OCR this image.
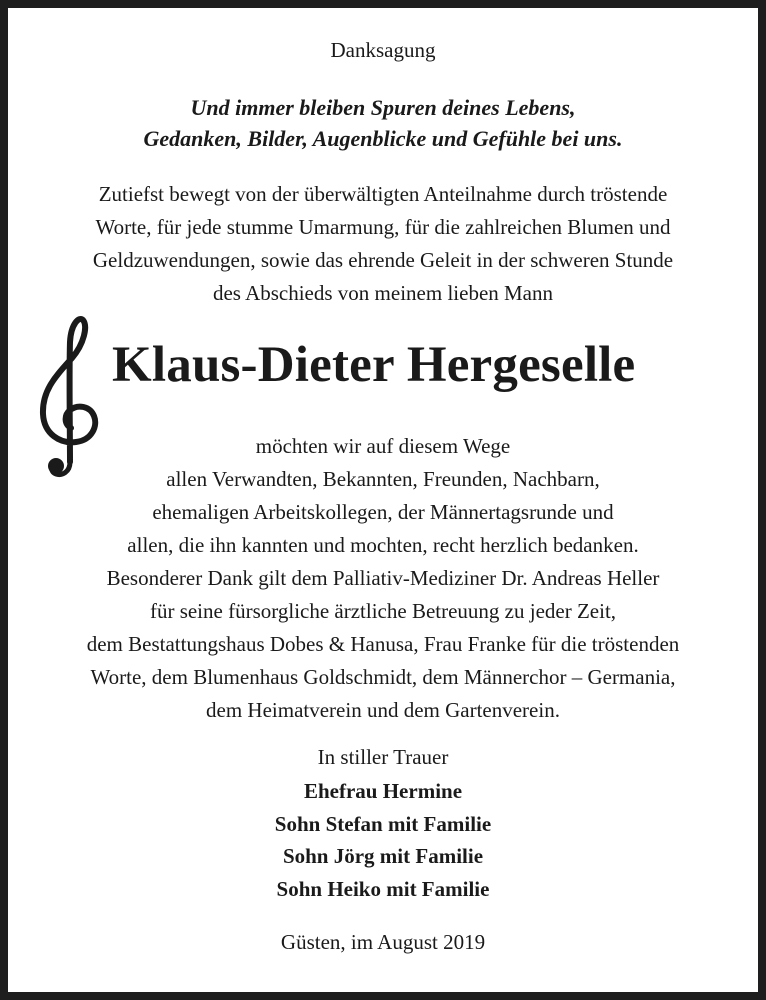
Danksagung
Und immer bleiben Spuren deines Lebens,
Gedanken, Bilder, Augenblicke und Gefühle bei uns.
Zutiefst bewegt von der überwältigten Anteilnahme durch tröstende
Worte, für jede stumme Umarmung, für die zahlreichen Blumen und
Geldzuwendungen, sowie das ehrende Geleit in der schweren Stunde
des Abschieds von meinem lieben Mann
Klaus-Dieter Hergeselle
möchten wir auf diesem Wege
allen Verwandten, Bekannten, Freunden, Nachbarn,
ehemaligen Arbeitskollegen, der Männertagsrunde und
allen, die ihn kannten und mochten, recht herzlich bedanken.
Besonderer Dank gilt dem Palliativ-Mediziner Dr. Andreas Heller
für seine fürsorgliche ärztliche Betreuung zu jeder Zeit,
dem Bestattungshaus Dobes & Hanusa, Frau Franke für die tröstenden
Worte, dem Blumenhaus Goldschmidt, dem Männerchor – Germania,
dem Heimatverein und dem Gartenverein.
In stiller Trauer
Ehefrau Hermine
Sohn Stefan mit Familie
Sohn Jörg mit Familie
Sohn Heiko mit Familie
Güsten, im August 2019
